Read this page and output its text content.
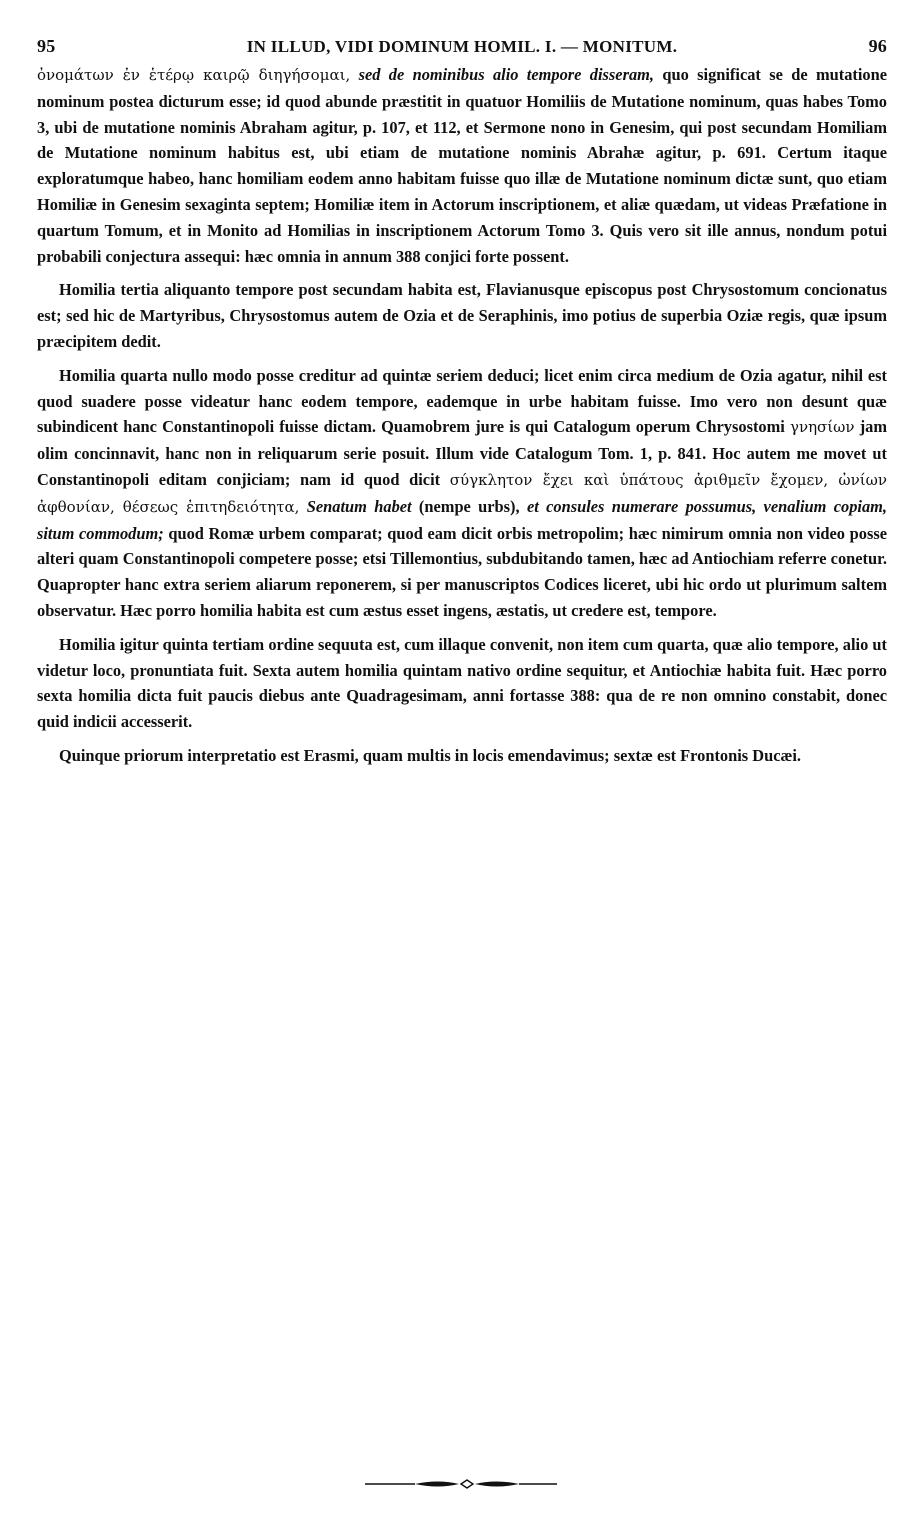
95	IN ILLUD, VIDI DOMINUM HOMIL. I. — MONITUM.	96

ὀνομάτων ἐν ἑτέρῳ καιρῷ διηγήσομαι, sed de nominibus alio tempore disseram, quo significat se de mutatione nominum postea dicturum esse; id quod abunde præstitit in quatuor Homiliis de Mutatione nominum, quas habes Tomo 3, ubi de mutatione nominis Abraham agitur, p. 107, et 112, et Sermone nono in Genesim, qui post secundam Homiliam de Mutatione nominum habitus est, ubi etiam de mutatione nominis Abrahæ agitur, p. 691. Certum itaque exploratumque habeo, hanc homiliam eodem anno habitam fuisse quo illæ de Mutatione nominum dictæ sunt, quo etiam Homiliæ in Genesim sexaginta septem; Homiliæ item in Actorum inscriptionem, et aliæ quædam, ut videas Præfatione in quartum Tomum, et in Monito ad Homilias in inscriptionem Actorum Tomo 3. Quis vero sit ille annus, nondum potui probabili conjectura assequi: hæc omnia in annum 388 conjici forte possent.

Homilia tertia aliquanto tempore post secundam habita est, Flavianusque episcopus post Chrysostomum concionatus est; sed hic de Martyribus, Chrysostomus autem de Ozia et de Seraphinis, imo potius de superbia Oziæ regis, quæ ipsum præcipitem dedit.

Homilia quarta nullo modo posse creditur ad quintæ seriem deduci; licet enim circa medium de Ozia agatur, nihil est quod suadere posse videatur hanc eodem tempore, eademque in urbe habitam fuisse. Imo vero non desunt quæ subindicent hanc Constantinopoli fuisse dictam. Quamobrem jure is qui Catalogum operum Chrysostomi γνησίων jam olim concinnavit, hanc non in reliquarum serie posuit. Illum vide Catalogum Tom. 1, p. 841. Hoc autem me movet ut Constantinopoli editam conjiciam; nam id quod dicit σύγκλητον ἔχει καὶ ὑπάτους ἀριθμεῖν ἔχομεν, ὠνίων ἀφθονίαν, θέσεως ἐπιτηδειότητα, Senatum habet (nempe urbs), et consules numerare possumus, venalium copiam, situm commodum; quod Romæ urbem comparat; quod eam dicit orbis metropolim; hæc nimirum omnia non video posse alteri quam Constantinopoli competere posse; etsi Tillemontius, subdubitando tamen, hæc ad Antiochiam referre conetur. Quapropter hanc extra seriem aliarum reponerem, si per manuscriptos Codices liceret, ubi hic ordo ut plurimum saltem observatur. Hæc porro homilia habita est cum æstus esset ingens, æstatis, ut credere est, tempore.

Homilia igitur quinta tertiam ordine sequuta est, cum illaque convenit, non item cum quarta, quæ alio tempore, alio ut videtur loco, pronuntiata fuit. Sexta autem homilia quintam nativo ordine sequitur, et Antiochiæ habita fuit. Hæc porro sexta homilia dicta fuit paucis diebus ante Quadragesimam, anni fortasse 388: qua de re non omnino constabit, donec quid indicii accesserit.

Quinque priorum interpretatio est Erasmi, quam multis in locis emendavimus; sextæ est Frontonis Ducæi.
